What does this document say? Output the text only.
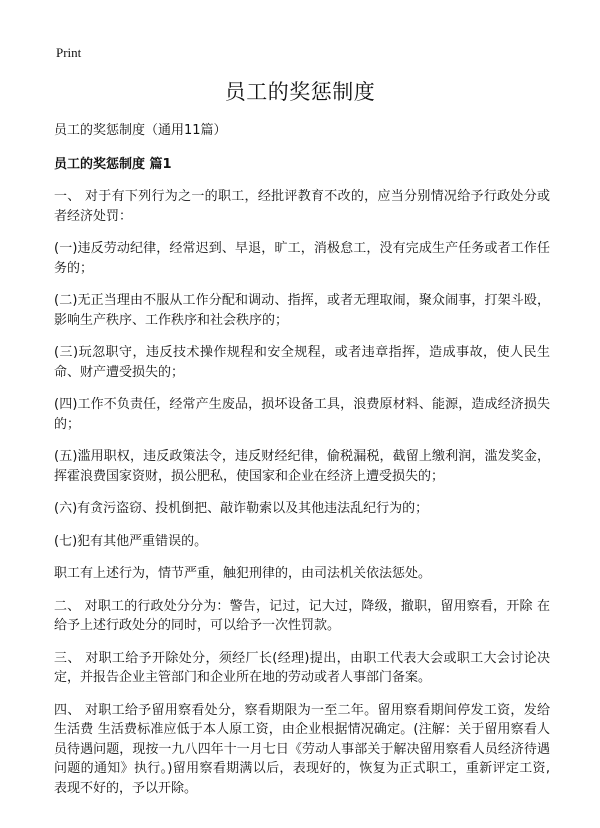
Print
员工的奖惩制度

员工的奖惩制度（通用11篇）

员工的奖惩制度 篇1

一、 对于有下列行为之一的职工，经批评教育不改的，应当分别情况给予行政处分或者经济处罚：

(一)违反劳动纪律，经常迟到、早退，旷工，消极怠工，没有完成生产任务或者工作任务的；

(二)无正当理由不服从工作分配和调动、指挥，或者无理取闹，聚众闹事，打架斗殴，影响生产秩序、工作秩序和社会秩序的；

(三)玩忽职守，违反技术操作规程和安全规程，或者违章指挥，造成事故，使人民生命、财产遭受损失的；

(四)工作不负责任，经常产生废品，损坏设备工具，浪费原材料、能源，造成经济损失的；

(五)滥用职权，违反政策法令，违反财经纪律，偷税漏税，截留上缴利润，滥发奖金，挥霍浪费国家资财，损公肥私，使国家和企业在经济上遭受损失的；

(六)有贪污盗窃、投机倒把、敲诈勒索以及其他违法乱纪行为的；

(七)犯有其他严重错误的。

职工有上述行为，情节严重，触犯刑律的，由司法机关依法惩处。

二、 对职工的行政处分分为：警告，记过，记大过，降级，撤职，留用察看，开除 在给予上述行政处分的同时，可以给予一次性罚款。

三、 对职工给予开除处分，须经厂长(经理)提出，由职工代表大会或职工大会讨论决定，并报告企业主管部门和企业所在地的劳动或者人事部门备案。

四、 对职工给予留用察看处分，察看期限为一至二年。留用察看期间停发工资，发给生活费 生活费标准应低于本人原工资，由企业根据情况确定。(注解：关于留用察看人员待遇问题，现按一九八四年十一月七日《劳动人事部关于解决留用察看人员经济待遇问题的通知》执行。)留用察看期满以后，表现好的，恢复为正式职工，重新评定工资,表现不好的，予以开除。
